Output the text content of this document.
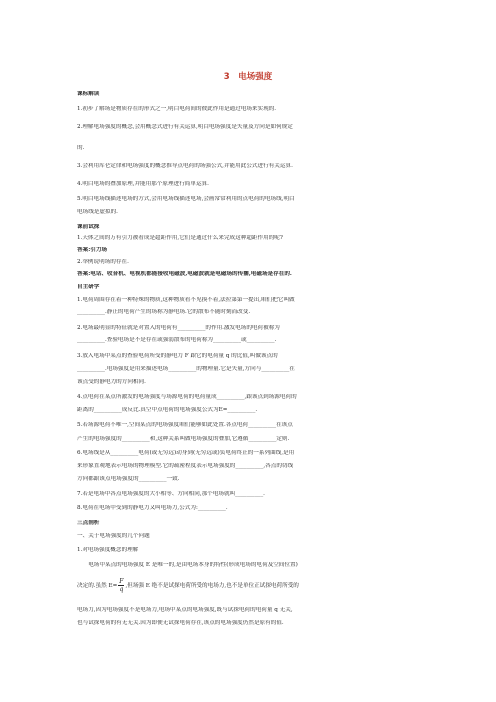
3　电场强度
课标解读
1.初步了解场是物质存在的形式之一,明白电荷间的彼此作用是通过电场来实现的.
2.理解电场强度的概念,会用概念式进行有关运算,明白电场强度是矢量及方向是如何规定
的.
3.会利用库仑定律和电场强度的概念推导点电荷的场强公式,并能用此公式进行有关运算.
4.明白电场的叠加原理,并能用那个原理进行简单运算.
5.明白电场线描述电场的方式,会用电场线描述电场,会画常常利用的点电荷的电场线,明白
电场线是虚拟的.
课前试探
1.天体之间的万有引力被看成是超距作用,它们是通过什么来完成这种超距作用的呢?
答案:引力场
2.举例说明场的存在.
答案:电话、收音机、电视机都能接收电磁波,电磁波就是电磁场的传播,电磁场是存在的.
自主研学
1.电荷周围存在着一种特殊的物质,这种物质看不见摸不着,法拉第第一提出,咱们把它叫做
__________.静止的电荷产生的场称为静电场.它的散布不随时刻而改变.
2.电场最明显的特征就是对置入的电荷有__________的作用.激发电场的电荷被称为
__________.查验电场是不是存在或强弱散布的电荷称为__________或__________.
3.放入电场中某点的查验电荷所受的静电力 F 跟它的电荷量 q 的比值,叫做该点的
__________.电场强度是用来描述电场__________的物理量.它是矢量,方向与__________在
该点受的静电力的方向相同.
4.点电荷在某点所激发的电场强度与场源电荷的电荷量成__________,跟该点到场源电荷的
距离的__________成反比.真空中点电荷的电场强度公式为E=__________.
5.若场源电荷不唯一,空间某点的电场强度咱们能够如此处置.各点电荷__________在该点
产生的电场强度的__________和,这种关系叫做电场强度的叠加,它遵循__________定则.
6.电场线是从__________电荷(或无穷远)动身到(无穷远或)负电荷终止的一系列曲线,是用
来形象直观地表示电场的物理模型.它的疏密程度表示电场强度的__________,各点的切线
方向都跟该点电场强度的__________一致.
7.若是电场中各点电场强度的大小相等、方向相同,那个电场就叫__________.
8.电荷在电场中受到的静电力又叫电场力,公式为:__________.
三点剖析
一、关于电场强度的几个问题
1.对电场强度概念的理解
　　电场中某点的电场强度 E 是唯一的,是由电场本身的特性(形成电场的电荷及空间位置)
决定的.虽然 $E= \frac{F}{q}$ ,但场强 E 绝不是试探电荷所受的电场力,也不是单位正试探电荷所受的
电场力,因为电场强度不是电场力,电场中某点的电场强度,既与试探电荷的电荷量 q 无关,
也与试探电荷的有无无关.因为即便无试探电荷存在,该点的电场强度仍然是原有的值.
